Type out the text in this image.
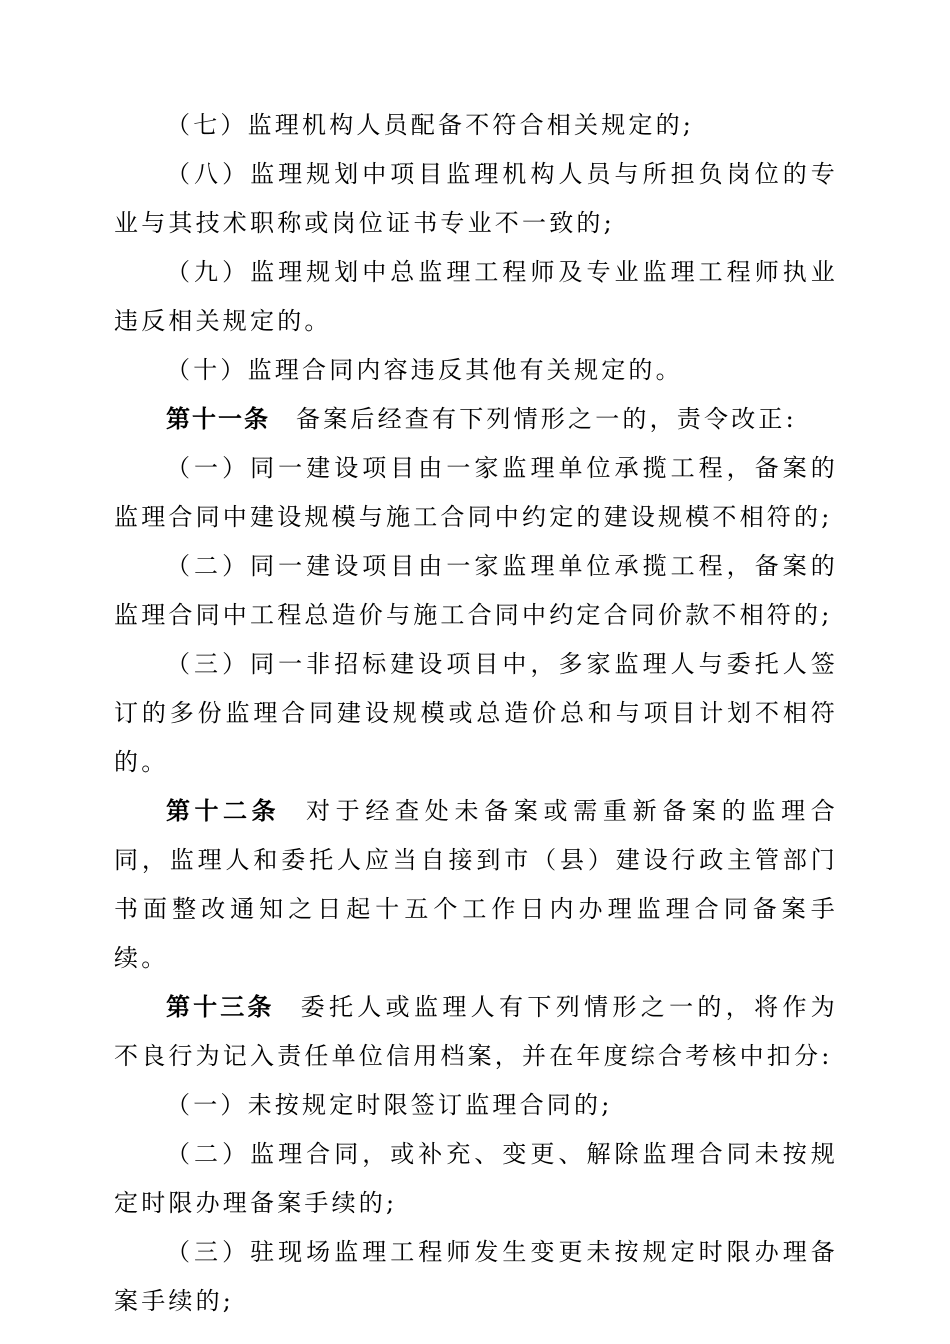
（七）监理机构人员配备不符合相关规定的;

（八）监理规划中项目监理机构人员与所担负岗位的专业与其技术职称或岗位证书专业不一致的;

（九）监理规划中总监理工程师及专业监理工程师执业违反相关规定的。

（十）监理合同内容违反其他有关规定的。

第十一条 备案后经查有下列情形之一的，责令改正:

（一）同一建设项目由一家监理单位承揽工程，备案的监理合同中建设规模与施工合同中约定的建设规模不相符的;

（二）同一建设项目由一家监理单位承揽工程，备案的监理合同中工程总造价与施工合同中约定合同价款不相符的;

（三）同一非招标建设项目中，多家监理人与委托人签订的多份监理合同建设规模或总造价总和与项目计划不相符的。

第十二条 对于经查处未备案或需重新备案的监理合同，监理人和委托人应当自接到市（县）建设行政主管部门书面整改通知之日起十五个工作日内办理监理合同备案手续。

第十三条 委托人或监理人有下列情形之一的，将作为不良行为记入责任单位信用档案，并在年度综合考核中扣分:

（一）未按规定时限签订监理合同的;

（二）监理合同，或补充、变更、解除监理合同未按规定时限办理备案手续的;

（三）驻现场监理工程师发生变更未按规定时限办理备案手续的;
